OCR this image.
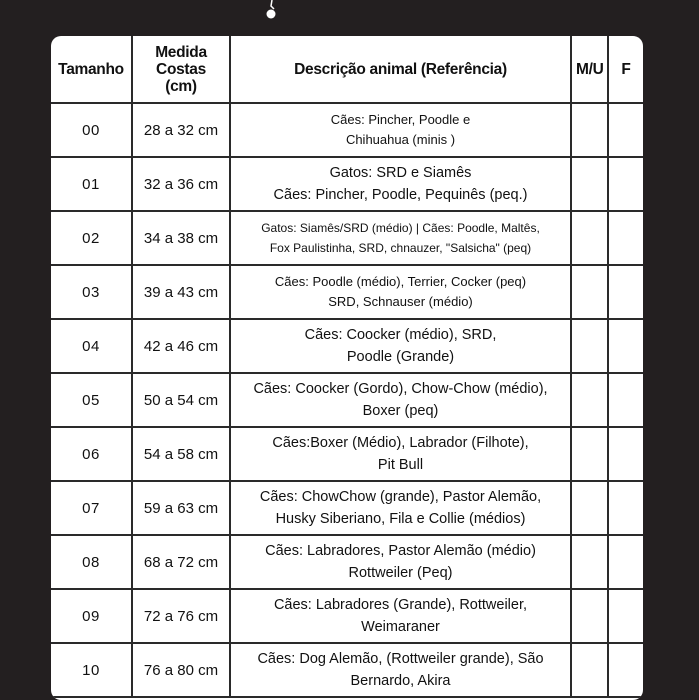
Tamanho	Medida
Costas
(cm)	Descrição animal (Referência)	M/U	F
00	28 a 32 cm	Cães: Pincher, Poodle e
Chihuahua (minis )		

01	32 a 36 cm	Gatos: SRD e Siamês
Cães: Pincher, Poodle, Pequinês (peq.)		

02	34 a 38 cm	Gatos: Siamês/SRD (médio) | Cães: Poodle, Maltês,
Fox Paulistinha, SRD, chnauzer, "Salsicha" (peq)		

03	39 a 43 cm	Cães: Poodle (médio), Terrier, Cocker (peq)
SRD, Schnauser (médio)		

04	42 a 46 cm	Cães: Coocker (médio), SRD,
Poodle (Grande)		

05	50 a 54 cm	Cães: Coocker (Gordo), Chow-Chow (médio),
Boxer (peq)		

06	54 a 58 cm	Cães:Boxer (Médio), Labrador (Filhote),
Pit Bull		

07	59 a 63 cm	Cães: ChowChow (grande), Pastor Alemão,
Husky Siberiano, Fila e Collie (médios)		

08	68 a 72 cm	Cães: Labradores, Pastor Alemão (médio)
Rottweiler (Peq)		

09	72 a 76 cm	Cães: Labradores (Grande), Rottweiler,
Weimaraner		

10	76 a 80 cm	Cães: Dog Alemão, (Rottweiler grande), São
Bernardo, Akira		
